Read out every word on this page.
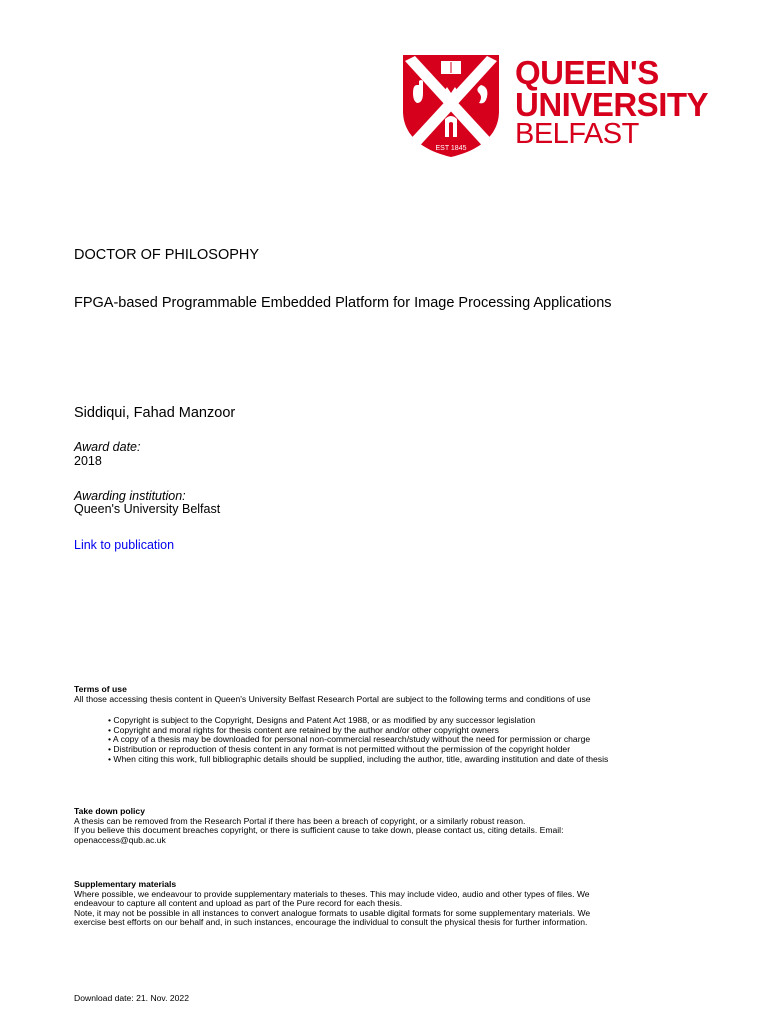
EST 1845
QUEEN'S
UNIVERSITY
BELFAST
DOCTOR OF PHILOSOPHY
FPGA-based Programmable Embedded Platform for Image Processing Applications
Siddiqui, Fahad Manzoor
Award date:
2018
Awarding institution:
Queen's University Belfast
Link to publication

Terms of use

All those accessing thesis content in Queen's University Belfast Research Portal are subject to the following terms and conditions of use

• Copyright is subject to the Copyright, Designs and Patent Act 1988, or as modified by any successor legislation
• Copyright and moral rights for thesis content are retained by the author and/or other copyright owners
• A copy of a thesis may be downloaded for personal non-commercial research/study without the need for permission or charge
• Distribution or reproduction of thesis content in any format is not permitted without the permission of the copyright holder
• When citing this work, full bibliographic details should be supplied, including the author, title, awarding institution and date of thesis

Take down policy

A thesis can be removed from the Research Portal if there has been a breach of copyright, or a similarly robust reason.

If you believe this document breaches copyright, or there is sufficient cause to take down, please contact us, citing details. Email:

openaccess@qub.ac.uk

Supplementary materials

Where possible, we endeavour to provide supplementary materials to theses. This may include video, audio and other types of files. We

endeavour to capture all content and upload as part of the Pure record for each thesis.

Note, it may not be possible in all instances to convert analogue formats to usable digital formats for some supplementary materials. We

exercise best efforts on our behalf and, in such instances, encourage the individual to consult the physical thesis for further information.

Download date: 21. Nov. 2022
